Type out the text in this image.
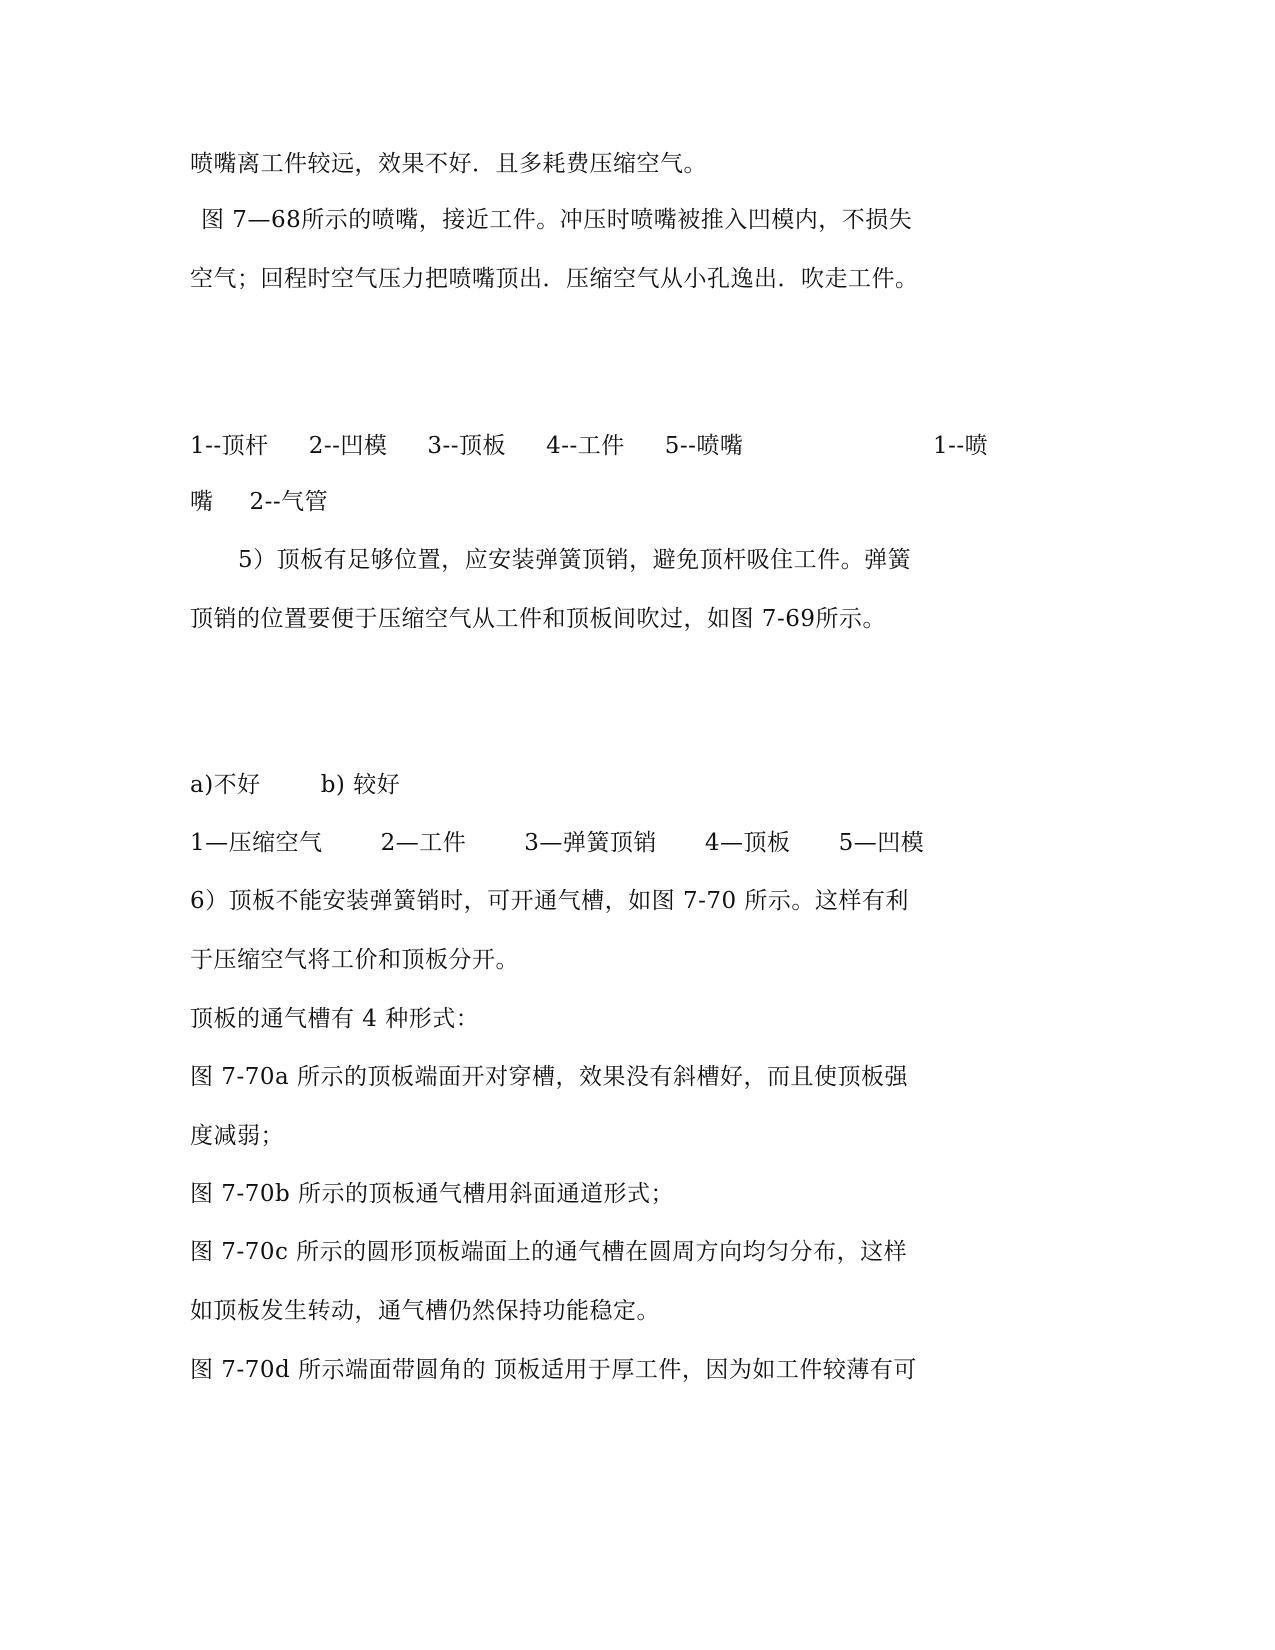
喷嘴离工件较远，效果不好．且多耗费压缩空气。
图 7—68所示的喷嘴，接近工件。冲压时喷嘴被推入凹模内，不损失
空气；回程时空气压力把喷嘴顶出．压缩空气从小孔逸出．吹走工件。
1--顶杆 2--凹模 3--顶板 4--工件 5--喷嘴	1--喷
嘴 2--气管
5）顶板有足够位置，应安装弹簧顶销，避免顶杆吸住工件。弹簧
顶销的位置要便于压缩空气从工件和顶板间吹过，如图 7-69所示。
a)不好	b) 较好
1—压缩空气	2—工件	3—弹簧顶销 4—顶板 5—凹模
6）顶板不能安装弹簧销时，可开通气槽，如图 7-70 所示。这样有利
于压缩空气将工价和顶板分开。
顶板的通气槽有 4 种形式：
图 7-70a 所示的顶板端面开对穿槽，效果没有斜槽好，而且使顶板强
度减弱；
图 7-70b 所示的顶板通气槽用斜面通道形式；
图 7-70c 所示的圆形顶板端面上的通气槽在圆周方向均匀分布，这样
如顶板发生转动，通气槽仍然保持功能稳定。
图 7-70d 所示端面带圆角的 顶板适用于厚工件，因为如工件较薄有可
